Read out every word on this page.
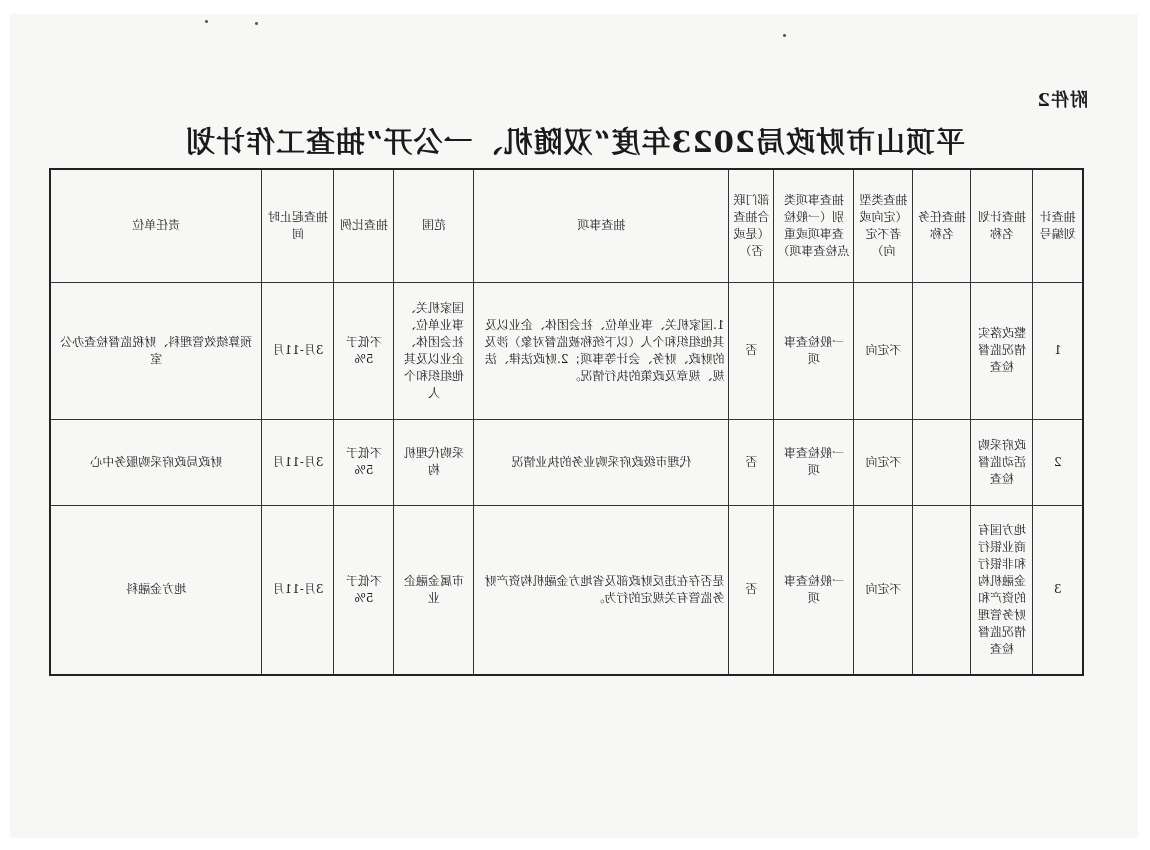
附件2
平顶山市财政局2023年度“双随机、一公开”抽查工作计划
抽查计划编号	抽查计划名称	抽查任务名称	抽查类型（定向或者不定向）	抽查事项类别（一般检查事项或重点检查事项）	部门联合抽查（是或否）	抽查事项	范围	抽查比例	抽查起止时间	责任单位
1	整改落实情况监督检查		不定向	一般检查事项	否	1.国家机关、事业单位、社会团体、企业以及其他组织和个人（以下统称被监督对象）涉及的财政、财务、会计等事项；2.财政法律、法规、规章及政策的执行情况。	国家机关、事业单位、社会团体、企业以及其他组织和个人	不低于5%	3月-11月	预算绩效管理科、财税监督检查办公室
2	政府采购活动监督检查		不定向	一般检查事项	否	代理市级政府采购业务的执业情况	采购代理机构	不低于5%	3月-11月	财政局政府采购服务中心
3	地方国有商业银行和非银行金融机构的资产和财务管理情况监督检查		不定向	一般检查事项	否	是否存在违反财政部及省地方金融机构资产财务监管有关规定的行为。	市属金融企业	不低于5%	3月-11月	地方金融科
